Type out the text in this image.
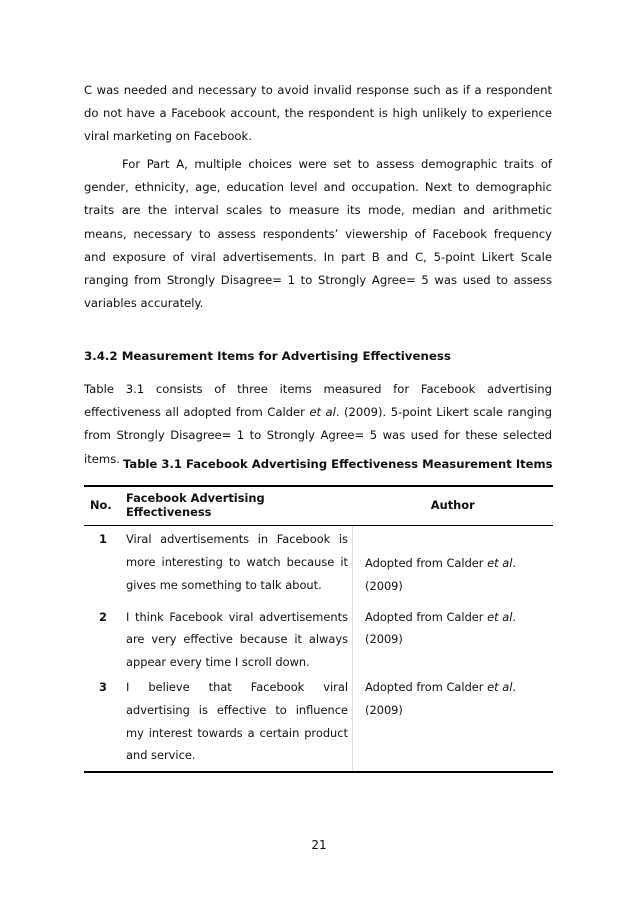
C was needed and necessary to avoid invalid response such as if a respondent do not have a Facebook account, the respondent is high unlikely to experience viral marketing on Facebook.

For Part A, multiple choices were set to assess demographic traits of gender, ethnicity, age, education level and occupation. Next to demographic traits are the interval scales to measure its mode, median and arithmetic means, necessary to assess respondents’ viewership of Facebook frequency and exposure of viral advertisements. In part B and C, 5-point Likert Scale ranging from Strongly Disagree= 1 to Strongly Agree= 5 was used to assess variables accurately.

3.4.2 Measurement Items for Advertising Effectiveness

Table 3.1 consists of three items measured for Facebook advertising effectiveness all adopted from Calder et al. (2009). 5-point Likert scale ranging from Strongly Disagree= 1 to Strongly Agree= 5 was used for these selected items. Table 3.1 Facebook Advertising Effectiveness Measurement Items

No.	Facebook Advertising Effectiveness	Author
1	Viral advertisements in Facebook is more interesting to watch because it gives me something to talk about.	Adopted from Calder et al. (2009)
2	I think Facebook viral advertisements are very effective because it always appear every time I scroll down.	Adopted from Calder et al. (2009)
3	I believe that Facebook viral advertising is effective to influence my interest towards a certain product and service.	Adopted from Calder et al. (2009)

21
